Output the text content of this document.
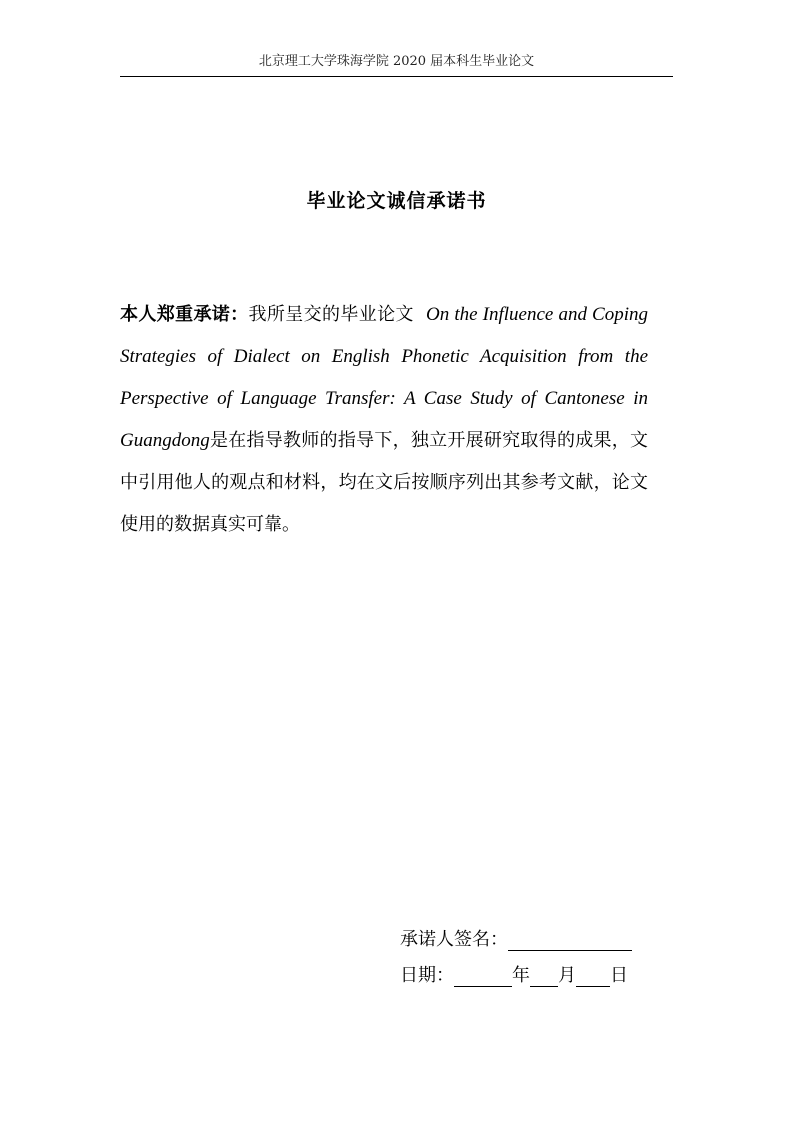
北京理工大学珠海学院 2020 届本科生毕业论文
毕业论文诚信承诺书
本人郑重承诺：我所呈交的毕业论文 On the Influence and Coping Strategies of Dialect on English Phonetic Acquisition from the Perspective of Language Transfer: A Case Study of Cantonese in Guangdong是在指导教师的指导下，独立开展研究取得的成果，文中引用他人的观点和材料，均在文后按顺序列出其参考文献，论文使用的数据真实可靠。
承诺人签名：
日期：	年 月 日
